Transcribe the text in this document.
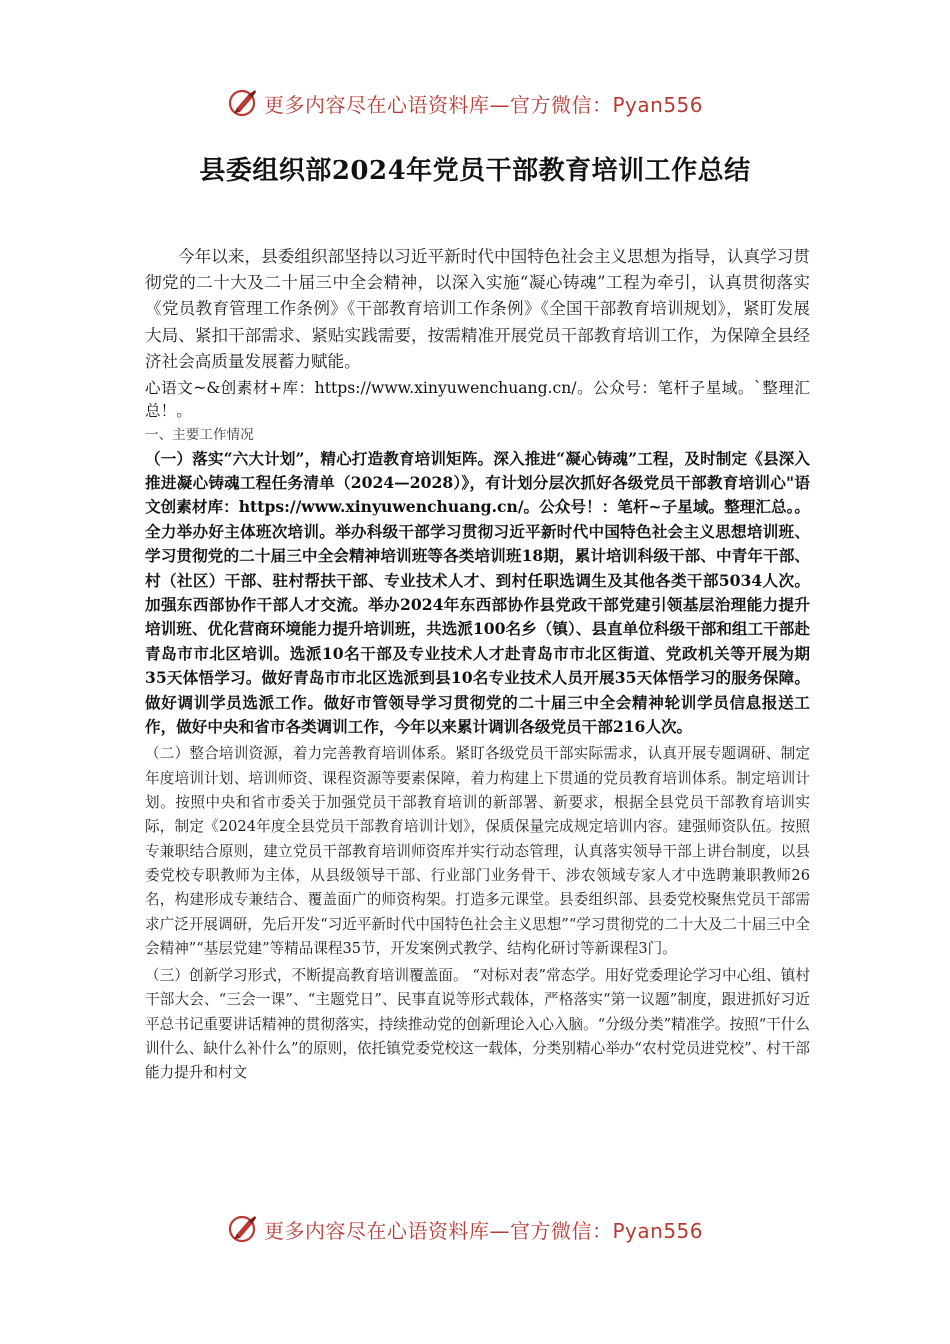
更多内容尽在心语资料库—官方微信：Pyan556
县委组织部2024年党员干部教育培训工作总结

今年以来，县委组织部坚持以习近平新时代中国特色社会主义思想为指导，认真学习贯彻党的二十大及二十届三中全会精神，以深入实施“凝心铸魂”工程为牵引，认真贯彻落实《党员教育管理工作条例》《干部教育培训工作条例》《全国干部教育培训规划》，紧盯发展大局、紧扣干部需求、紧贴实践需要，按需精准开展党员干部教育培训工作，为保障全县经济社会高质量发展蓄力赋能。

心语文~&创素材+库：https://www.xinyuwenchuang.cn/。公众号：笔杆子星域。`整理汇总！。

一、主要工作情况

（一）落实“六大计划”，精心打造教育培训矩阵。深入推进“凝心铸魂”工程，及时制定《县深入推进凝心铸魂工程任务清单（2024—2028）》，有计划分层次抓好各级党员干部教育培训心"语文创素材库：https://www.xinyuwenchuang.cn/。公众号！：笔杆~子星域。整理汇总。。全力举办好主体班次培训。举办科级干部学习贯彻习近平新时代中国特色社会主义思想培训班、学习贯彻党的二十届三中全会精神培训班等各类培训班18期，累计培训科级干部、中青年干部、村（社区）干部、驻村帮扶干部、专业技术人才、到村任职选调生及其他各类干部5034人次。加强东西部协作干部人才交流。举办2024年东西部协作县党政干部党建引领基层治理能力提升培训班、优化营商环境能力提升培训班，共选派100名乡（镇）、县直单位科级干部和组工干部赴青岛市市北区培训。选派10名干部及专业技术人才赴青岛市市北区街道、党政机关等开展为期35天体悟学习。做好青岛市市北区选派到县10名专业技术人员开展35天体悟学习的服务保障。做好调训学员选派工作。做好市管领导学习贯彻党的二十届三中全会精神轮训学员信息报送工作，做好中央和省市各类调训工作，今年以来累计调训各级党员干部216人次。

（二）整合培训资源，着力完善教育培训体系。紧盯各级党员干部实际需求，认真开展专题调研、制定年度培训计划、培训师资、课程资源等要素保障，着力构建上下贯通的党员教育培训体系。制定培训计划。按照中央和省市委关于加强党员干部教育培训的新部署、新要求，根据全县党员干部教育培训实际，制定《2024年度全县党员干部教育培训计划》，保质保量完成规定培训内容。建强师资队伍。按照专兼职结合原则，建立党员干部教育培训师资库并实行动态管理，认真落实领导干部上讲台制度，以县委党校专职教师为主体，从县级领导干部、行业部门业务骨干、涉农领域专家人才中选聘兼职教师26名，构建形成专兼结合、覆盖面广的师资构架。打造多元课堂。县委组织部、县委党校聚焦党员干部需求广泛开展调研，先后开发“习近平新时代中国特色社会主义思想”“学习贯彻党的二十大及二十届三中全会精神”“基层党建”等精品课程35节，开发案例式教学、结构化研讨等新课程3门。

（三）创新学习形式，不断提高教育培训覆盖面。 “对标对表”常态学。用好党委理论学习中心组、镇村干部大会、“三会一课”、“主题党日”、民事直说等形式载体，严格落实“第一议题”制度，跟进抓好习近平总书记重要讲话精神的贯彻落实，持续推动党的创新理论入心入脑。“分级分类”精准学。按照“干什么训什么、缺什么补什么”的原则，依托镇党委党校这一载体，分类别精心举办“农村党员进党校”、村干部能力提升和村文

更多内容尽在心语资料库—官方微信：Pyan556
